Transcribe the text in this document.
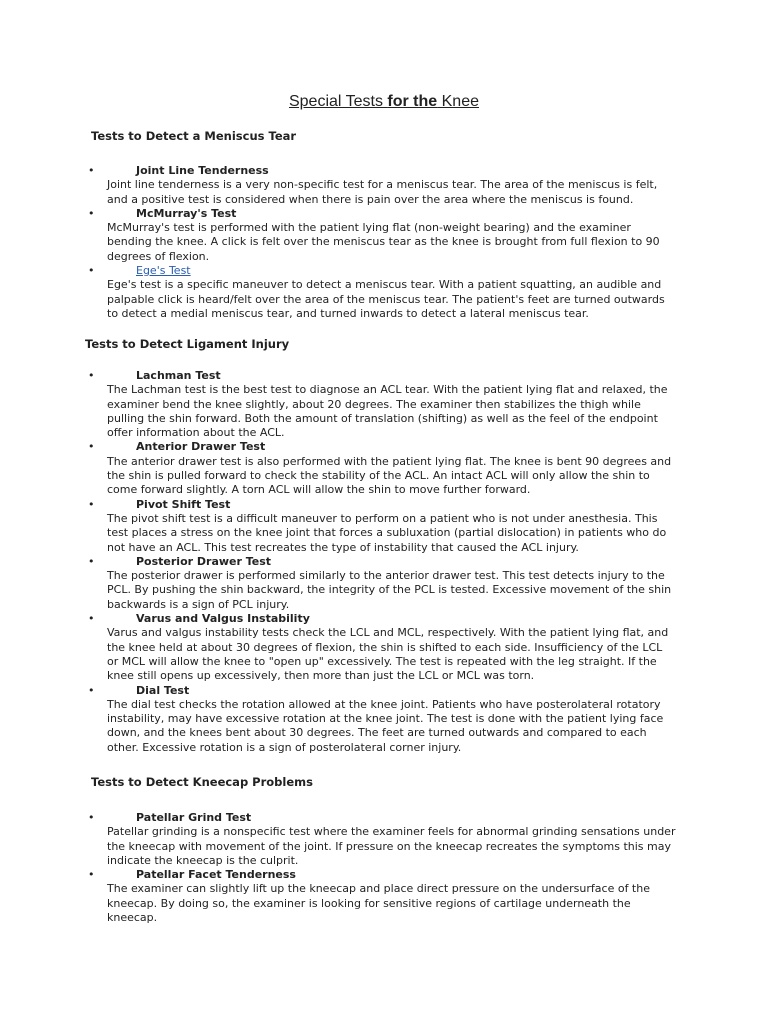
Special Tests for the Knee
Tests to Detect a Meniscus Tear
•	Joint Line Tenderness
Joint line tenderness is a very non-specific test for a meniscus tear. The area of the meniscus is felt, and a positive test is considered when there is pain over the area where the meniscus is found.
•	McMurray's Test
McMurray's test is performed with the patient lying flat (non-weight bearing) and the examiner bending the knee. A click is felt over the meniscus tear as the knee is brought from full flexion to 90 degrees of flexion.
•	Ege's Test
Ege's test is a specific maneuver to detect a meniscus tear. With a patient squatting, an audible and palpable click is heard/felt over the area of the meniscus tear. The patient's feet are turned outwards to detect a medial meniscus tear, and turned inwards to detect a lateral meniscus tear.
Tests to Detect Ligament Injury
•	Lachman Test
The Lachman test is the best test to diagnose an ACL tear. With the patient lying flat and relaxed, the examiner bend the knee slightly, about 20 degrees. The examiner then stabilizes the thigh while pulling the shin forward. Both the amount of translation (shifting) as well as the feel of the endpoint offer information about the ACL.
•	Anterior Drawer Test
The anterior drawer test is also performed with the patient lying flat. The knee is bent 90 degrees and the shin is pulled forward to check the stability of the ACL. An intact ACL will only allow the shin to come forward slightly. A torn ACL will allow the shin to move further forward.
•	Pivot Shift Test
The pivot shift test is a difficult maneuver to perform on a patient who is not under anesthesia. This test places a stress on the knee joint that forces a subluxation (partial dislocation) in patients who do not have an ACL. This test recreates the type of instability that caused the ACL injury.
•	Posterior Drawer Test
The posterior drawer is performed similarly to the anterior drawer test. This test detects injury to the PCL. By pushing the shin backward, the integrity of the PCL is tested. Excessive movement of the shin backwards is a sign of PCL injury.
•	Varus and Valgus Instability
Varus and valgus instability tests check the LCL and MCL, respectively. With the patient lying flat, and the knee held at about 30 degrees of flexion, the shin is shifted to each side. Insufficiency of the LCL or MCL will allow the knee to "open up" excessively. The test is repeated with the leg straight. If the knee still opens up excessively, then more than just the LCL or MCL was torn.
•	Dial Test
The dial test checks the rotation allowed at the knee joint. Patients who have posterolateral rotatory instability, may have excessive rotation at the knee joint. The test is done with the patient lying face down, and the knees bent about 30 degrees. The feet are turned outwards and compared to each other. Excessive rotation is a sign of posterolateral corner injury.
Tests to Detect Kneecap Problems
•	Patellar Grind Test
Patellar grinding is a nonspecific test where the examiner feels for abnormal grinding sensations under the kneecap with movement of the joint. If pressure on the kneecap recreates the symptoms this may indicate the kneecap is the culprit.
•	Patellar Facet Tenderness
The examiner can slightly lift up the kneecap and place direct pressure on the undersurface of the kneecap. By doing so, the examiner is looking for sensitive regions of cartilage underneath the kneecap.
